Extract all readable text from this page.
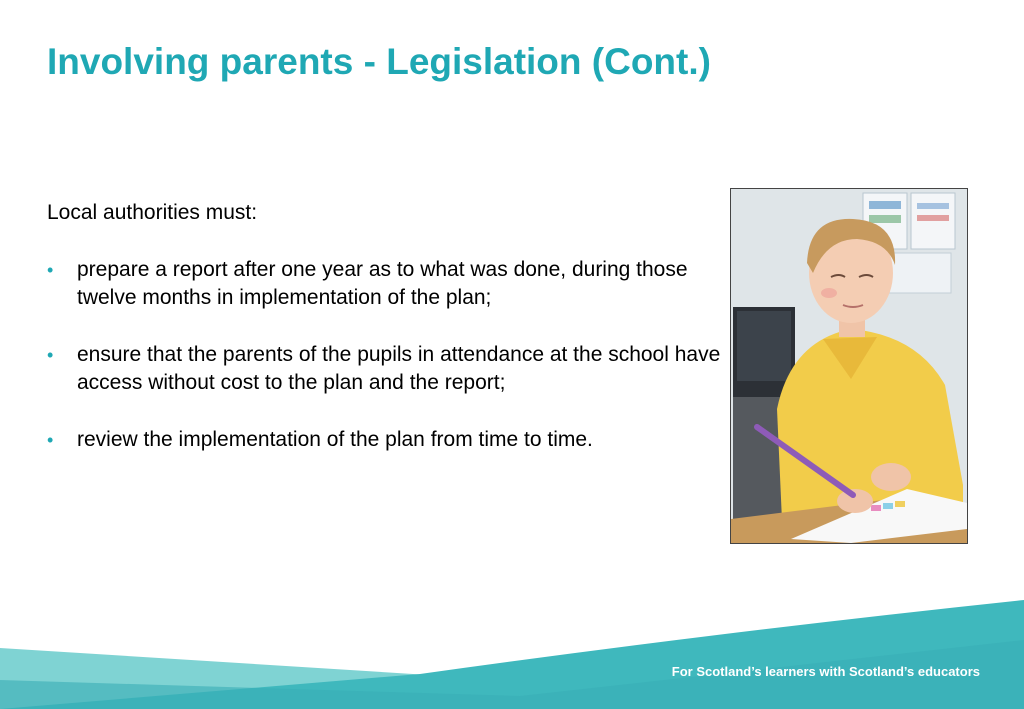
Involving parents - Legislation (Cont.)

Local authorities must:

• prepare a report after one year as to what was done, during those twelve months in implementation of the plan;
• ensure that the parents of the pupils in attendance at the school have access without cost to the plan and the report;
• review the implementation of the plan from time to time.

For Scotland’s learners with Scotland’s educators
